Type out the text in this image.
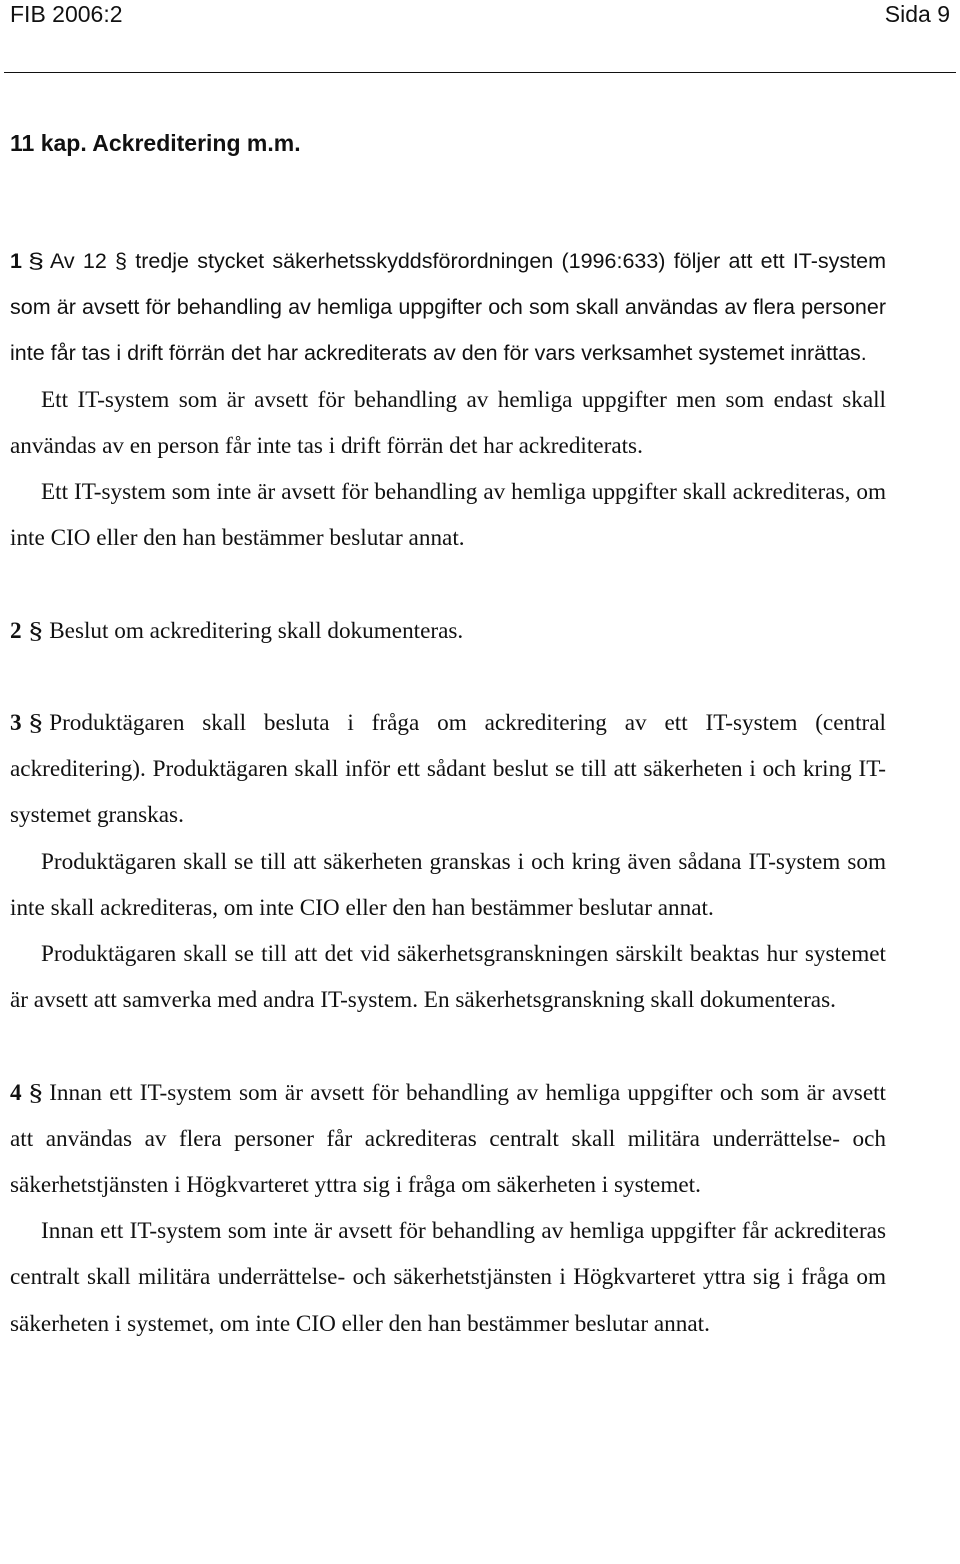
FIB 2006:2	Sida 9
11 kap. Ackreditering m.m.

1 § Av 12 § tredje stycket säkerhetsskyddsförordningen (1996:633) följer att ett IT-system som är avsett för behandling av hemliga uppgifter och som skall användas av flera personer inte får tas i drift förrän det har ackrediterats av den för vars verksamhet systemet inrättas.

Ett IT-system som är avsett för behandling av hemliga uppgifter men som endast skall användas av en person får inte tas i drift förrän det har ackrediterats.

Ett IT-system som inte är avsett för behandling av hemliga uppgifter skall ackrediteras, om inte CIO eller den han bestämmer beslutar annat.

2 § Beslut om ackreditering skall dokumenteras.

3 § Produktägaren skall besluta i fråga om ackreditering av ett IT-system (central ackreditering). Produktägaren skall inför ett sådant beslut se till att säkerheten i och kring IT-systemet granskas.

Produktägaren skall se till att säkerheten granskas i och kring även sådana IT-system som inte skall ackrediteras, om inte CIO eller den han bestämmer beslutar annat.

Produktägaren skall se till att det vid säkerhetsgranskningen särskilt beaktas hur systemet är avsett att samverka med andra IT-system. En säkerhetsgranskning skall dokumenteras.

4 § Innan ett IT-system som är avsett för behandling av hemliga uppgifter och som är avsett att användas av flera personer får ackrediteras centralt skall militära underrättelse- och säkerhetstjänsten i Högkvarteret yttra sig i fråga om säkerheten i systemet.

Innan ett IT-system som inte är avsett för behandling av hemliga uppgifter får ackrediteras centralt skall militära underrättelse- och säkerhetstjänsten i Högkvarteret yttra sig i fråga om säkerheten i systemet, om inte CIO eller den han bestämmer beslutar annat.
